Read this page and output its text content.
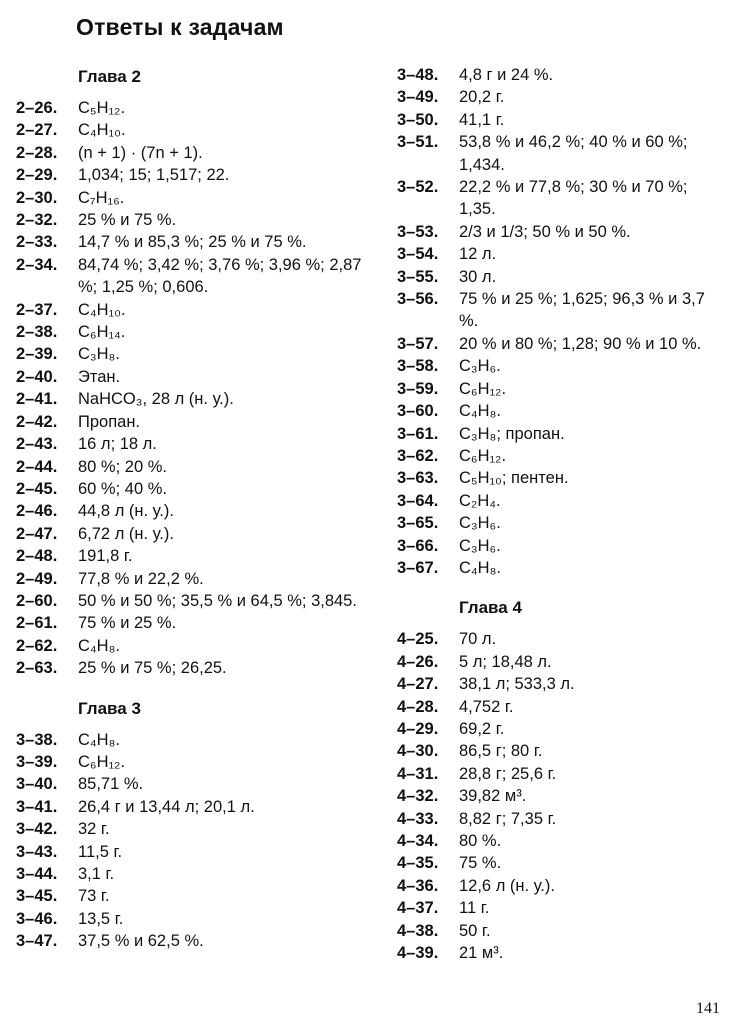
Ответы к задачам
Глава 2
2–26.	C₅H₁₂.
2–27.	C₄H₁₀.
2–28.	(n + 1) · (7n + 1).
2–29.	1,034; 15; 1,517; 22.
2–30.	C₇H₁₆.
2–32.	25 % и 75 %.
2–33.	14,7 % и 85,3 %; 25 % и 75 %.
2–34.	84,74 %; 3,42 %; 3,76 %; 3,96 %; 2,87 %; 1,25 %; 0,606.
2–37.	C₄H₁₀.
2–38.	C₆H₁₄.
2–39.	C₃H₈.
2–40.	Этан.
2–41.	NaHCO₃, 28 л (н. у.).
2–42.	Пропан.
2–43.	16 л; 18 л.
2–44.	80 %; 20 %.
2–45.	60 %; 40 %.
2–46.	44,8 л (н. у.).
2–47.	6,72 л (н. у.).
2–48.	191,8 г.
2–49.	77,8 % и 22,2 %.
2–60.	50 % и 50 %; 35,5 % и 64,5 %; 3,845.
2–61.	75 % и 25 %.
2–62.	C₄H₈.
2–63.	25 % и 75 %; 26,25.
Глава 3
3–38.	C₄H₈.
3–39.	C₆H₁₂.
3–40.	85,71 %.
3–41.	26,4 г и 13,44 л; 20,1 л.
3–42.	32 г.
3–43.	11,5 г.
3–44.	3,1 г.
3–45.	73 г.
3–46.	13,5 г.
3–47.	37,5 % и 62,5 %.
3–48.	4,8 г и 24 %.
3–49.	20,2 г.
3–50.	41,1 г.
3–51.	53,8 % и 46,2 %; 40 % и 60 %; 1,434.
3–52.	22,2 % и 77,8 %; 30 % и 70 %; 1,35.
3–53.	2/3 и 1/3; 50 % и 50 %.
3–54.	12 л.
3–55.	30 л.
3–56.	75 % и 25 %; 1,625; 96,3 % и 3,7 %.
3–57.	20 % и 80 %; 1,28; 90 % и 10 %.
3–58.	C₃H₆.
3–59.	C₆H₁₂.
3–60.	C₄H₈.
3–61.	C₃H₈; пропан.
3–62.	C₆H₁₂.
3–63.	C₅H₁₀; пентен.
3–64.	C₂H₄.
3–65.	C₃H₆.
3–66.	C₃H₆.
3–67.	C₄H₈.
Глава 4
4–25.	70 л.
4–26.	5 л; 18,48 л.
4–27.	38,1 л; 533,3 л.
4–28.	4,752 г.
4–29.	69,2 г.
4–30.	86,5 г; 80 г.
4–31.	28,8 г; 25,6 г.
4–32.	39,82 м³.
4–33.	8,82 г; 7,35 г.
4–34.	80 %.
4–35.	75 %.
4–36.	12,6 л (н. у.).
4–37.	11 г.
4–38.	50 г.
4–39.	21 м³.
141
